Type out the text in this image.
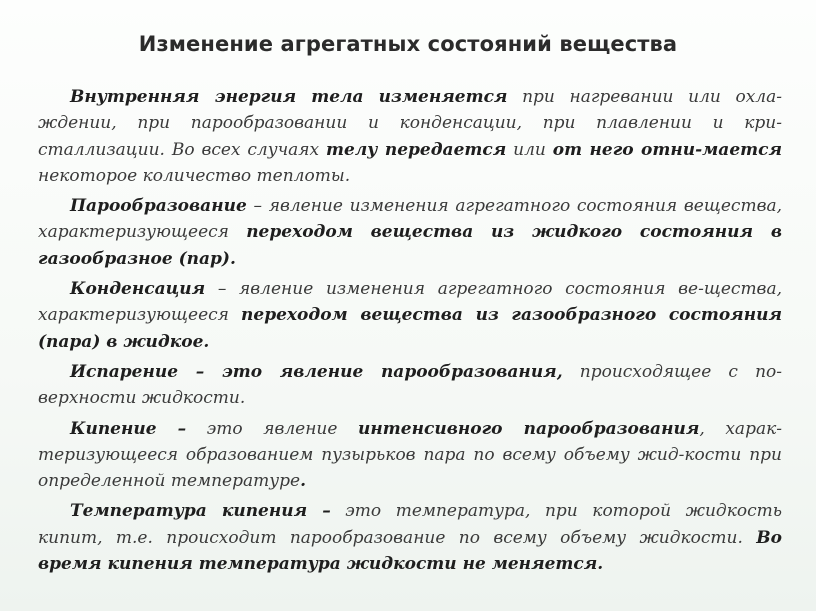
Изменение агрегатных состояний вещества

Внутренняя энергия тела изменяется при нагревании или охла-ждении, при парообразовании и конденсации, при плавлении и кри-сталлизации. Во всех случаях телу передается или от него отни-мается некоторое количество теплоты.

Парообразование – явление изменения агрегатного состояния вещества, характеризующееся переходом вещества из жидкого состояния в газообразное (пар).

Конденсация – явление изменения агрегатного состояния ве-щества, характеризующееся переходом вещества из газообразного состояния (пара) в жидкое.

Испарение – это явление парообразования, происходящее с по-верхности жидкости.

Кипение – это явление интенсивного парообразования, харак-теризующееся образованием пузырьков пара по всему объему жид-кости при определенной температуре.

Температура кипения – это температура, при которой жидкость кипит, т.е. происходит парообразование по всему объему жидкости. Во время кипения температура жидкости не меняется.
